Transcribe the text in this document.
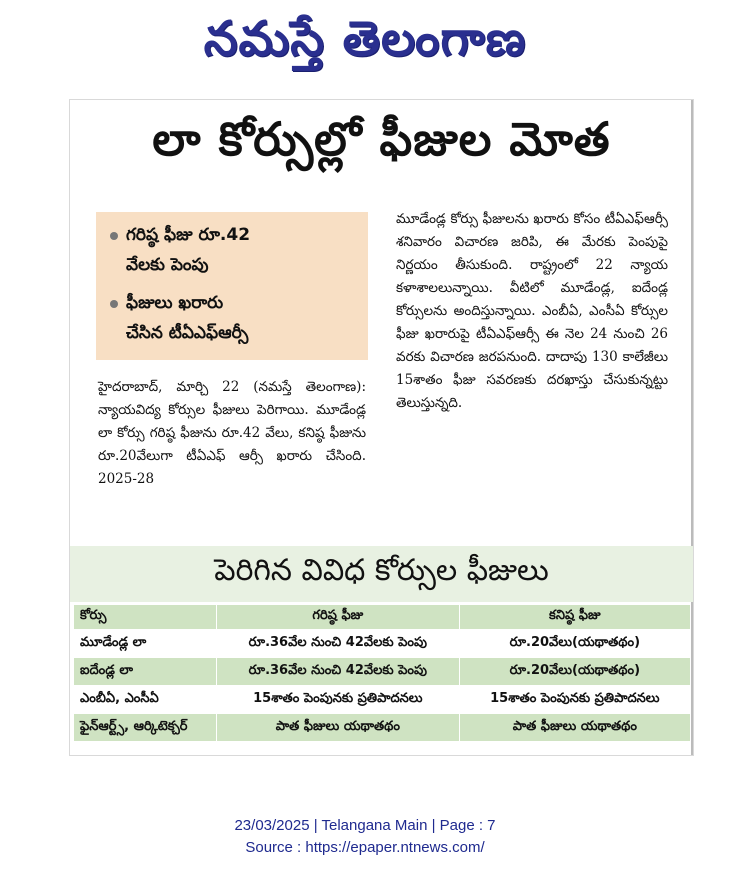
నమస్తే తెలంగాణ
లా కోర్సుల్లో ఫీజుల మోత
గరిష్ఠ ఫీజు రూ.42
వేలకు పెంపు
ఫీజులు ఖరారు
చేసిన టీఏఎఫ్‌ఆర్సీ
హైదరాబాద్, మార్చి 22 (నమస్తే తెలంగాణ): న్యాయవిద్య కోర్సుల ఫీజులు పెరిగాయి. మూడేండ్ల లా కోర్సు గరిష్ఠ ఫీజును రూ.42 వేలు, కనిష్ఠ ఫీజును రూ.20వేలుగా టీఏఎఫ్ ఆర్సీ ఖరారు చేసింది. 2025-28
మూడేండ్ల కోర్సు ఫీజులను ఖరారు కోసం టీఏఎఫ్ఆర్సీ శనివారం విచారణ జరిపి, ఈ మేరకు పెంపుపై నిర్ణయం తీసుకుంది. రాష్ట్రంలో 22 న్యాయ కళాశాలలున్నాయి. వీటిలో మూడేండ్ల, ఐదేండ్ల కోర్సులను అందిస్తున్నాయి. ఎంబీఏ, ఎంసీఏ కోర్సుల ఫీజు ఖరారుపై టీఏఎఫ్ఆర్సీ ఈ నెల 24 నుంచి 26 వరకు విచారణ జరపనుంది. దాదాపు 130 కాలేజీలు 15శాతం ఫీజు సవరణకు దరఖాస్తు చేసుకున్నట్టు తెలుస్తున్నది.
పెరిగిన వివిధ కోర్సుల ఫీజులు
కోర్సు	గరిష్ఠ ఫీజు	కనిష్ఠ ఫీజు
మూడేండ్ల లా	రూ.36వేల నుంచి 42వేలకు పెంపు	రూ.20వేలు(యథాతథం)
ఐదేండ్ల లా	రూ.36వేల నుంచి 42వేలకు పెంపు	రూ.20వేలు(యథాతథం)
ఎంబీఏ, ఎంసీఏ	15శాతం పెంపునకు ప్రతిపాదనలు	15శాతం పెంపునకు ప్రతిపాదనలు
ఫైన్ఆర్ట్స్, ఆర్కిటెక్చర్	పాత ఫీజులు యథాతథం	పాత ఫీజులు యథాతథం
23/03/2025 | Telangana Main | Page : 7
Source : https://epaper.ntnews.com/
